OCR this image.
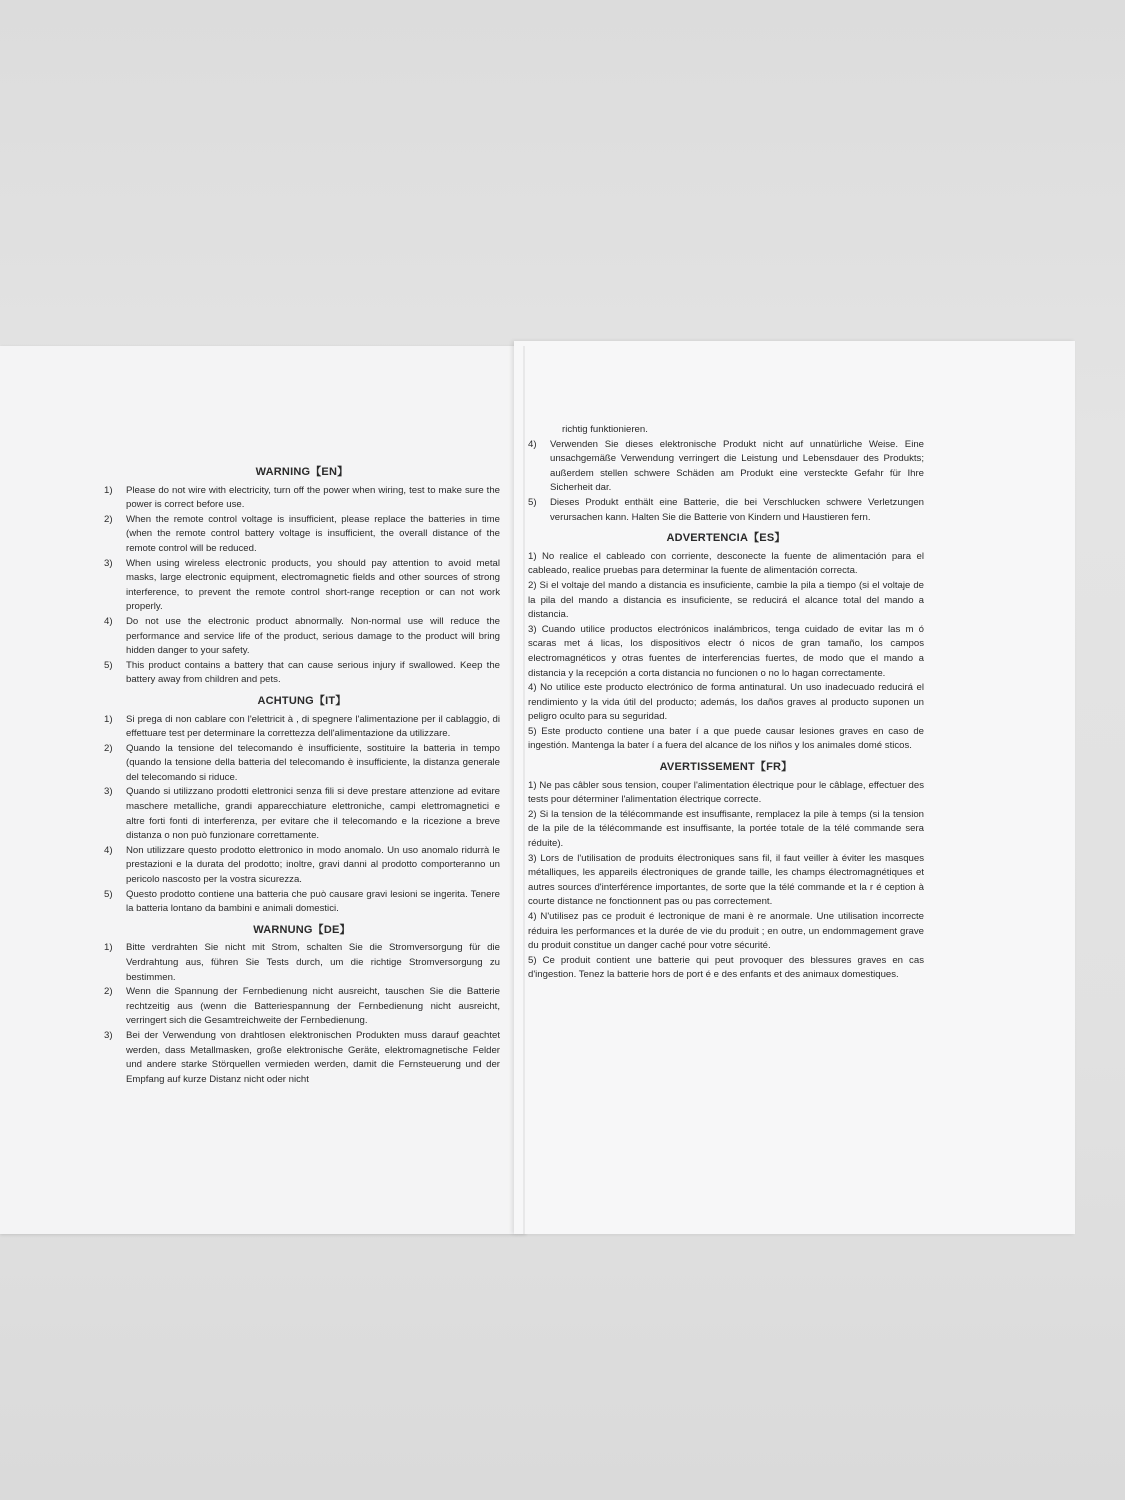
WARNING【EN】
1)	Please do not wire with electricity, turn off the power when wiring, test to make sure the power is correct before use.
2)	When the remote control voltage is insufficient, please replace the batteries in time (when the remote control battery voltage is insufficient, the overall distance of the remote control will be reduced.
3)	When using wireless electronic products, you should pay attention to avoid metal masks, large electronic equipment, electromagnetic fields and other sources of strong interference, to prevent the remote control short-range reception or can not work properly.
4)	Do not use the electronic product abnormally. Non-normal use will reduce the performance and service life of the product, serious damage to the product will bring hidden danger to your safety.
5)	This product contains a battery that can cause serious injury if swallowed. Keep the battery away from children and pets.
ACHTUNG【IT】
1)	Si prega di non cablare con l'elettricit à , di spegnere l'alimentazione per il cablaggio, di effettuare test per determinare la correttezza dell'alimentazione da utilizzare.
2)	Quando la tensione del telecomando è insufficiente, sostituire la batteria in tempo (quando la tensione della batteria del telecomando è insufficiente, la distanza generale del telecomando si riduce.
3)	Quando si utilizzano prodotti elettronici senza fili si deve prestare attenzione ad evitare maschere metalliche, grandi apparecchiature elettroniche, campi elettromagnetici e altre forti fonti di interferenza, per evitare che il telecomando e la ricezione a breve distanza o non può funzionare correttamente.
4)	Non utilizzare questo prodotto elettronico in modo anomalo. Un uso anomalo ridurrà le prestazioni e la durata del prodotto; inoltre, gravi danni al prodotto comporteranno un pericolo nascosto per la vostra sicurezza.
5)	Questo prodotto contiene una batteria che può causare gravi lesioni se ingerita. Tenere la batteria lontano da bambini e animali domestici.
WARNUNG【DE】
1)	Bitte verdrahten Sie nicht mit Strom, schalten Sie die Stromversorgung für die Verdrahtung aus, führen Sie Tests durch, um die richtige Stromversorgung zu bestimmen.
2)	Wenn die Spannung der Fernbedienung nicht ausreicht, tauschen Sie die Batterie rechtzeitig aus (wenn die Batteriespannung der Fernbedienung nicht ausreicht, verringert sich die Gesamtreichweite der Fernbedienung.
3)	Bei der Verwendung von drahtlosen elektronischen Produkten muss darauf geachtet werden, dass Metallmasken, große elektronische Geräte, elektromagnetische Felder und andere starke Störquellen vermieden werden, damit die Fernsteuerung und der Empfang auf kurze Distanz nicht oder nicht
richtig funktionieren.
4)	Verwenden Sie dieses elektronische Produkt nicht auf unnatürliche Weise. Eine unsachgemäße Verwendung verringert die Leistung und Lebensdauer des Produkts; außerdem stellen schwere Schäden am Produkt eine versteckte Gefahr für Ihre Sicherheit dar.
5)	Dieses Produkt enthält eine Batterie, die bei Verschlucken schwere Verletzungen verursachen kann. Halten Sie die Batterie von Kindern und Haustieren fern.
ADVERTENCIA【ES】
1) No realice el cableado con corriente, desconecte la fuente de alimentación para el cableado, realice pruebas para determinar la fuente de alimentación correcta.
2) Si el voltaje del mando a distancia es insuficiente, cambie la pila a tiempo (si el voltaje de la pila del mando a distancia es insuficiente, se reducirá el alcance total del mando a distancia.
3) Cuando utilice productos electrónicos inalámbricos, tenga cuidado de evitar las m ó scaras met á licas, los dispositivos electr ó nicos de gran tamaño, los campos electromagnéticos y otras fuentes de interferencias fuertes, de modo que el mando a distancia y la recepción a corta distancia no funcionen o no lo hagan correctamente.
4) No utilice este producto electrónico de forma antinatural. Un uso inadecuado reducirá el rendimiento y la vida útil del producto; además, los daños graves al producto suponen un peligro oculto para su seguridad.
5) Este producto contiene una bater í a que puede causar lesiones graves en caso de ingestión. Mantenga la bater í a fuera del alcance de los niños y los animales domé sticos.
AVERTISSEMENT【FR】
1) Ne pas câbler sous tension, couper l'alimentation électrique pour le câblage, effectuer des tests pour déterminer l'alimentation électrique correcte.
2) Si la tension de la télécommande est insuffisante, remplacez la pile à temps (si la tension de la pile de la télécommande est insuffisante, la portée totale de la télé commande sera réduite).
3) Lors de l'utilisation de produits électroniques sans fil, il faut veiller à éviter les masques métalliques, les appareils électroniques de grande taille, les champs électromagnétiques et autres sources d'interférence importantes, de sorte que la télé commande et la r é ception à courte distance ne fonctionnent pas ou pas correctement.
4) N'utilisez pas ce produit é lectronique de mani è re anormale. Une utilisation incorrecte réduira les performances et la durée de vie du produit ; en outre, un endommagement grave du produit constitue un danger caché pour votre sécurité.
5) Ce produit contient une batterie qui peut provoquer des blessures graves en cas d'ingestion. Tenez la batterie hors de port é e des enfants et des animaux domestiques.
